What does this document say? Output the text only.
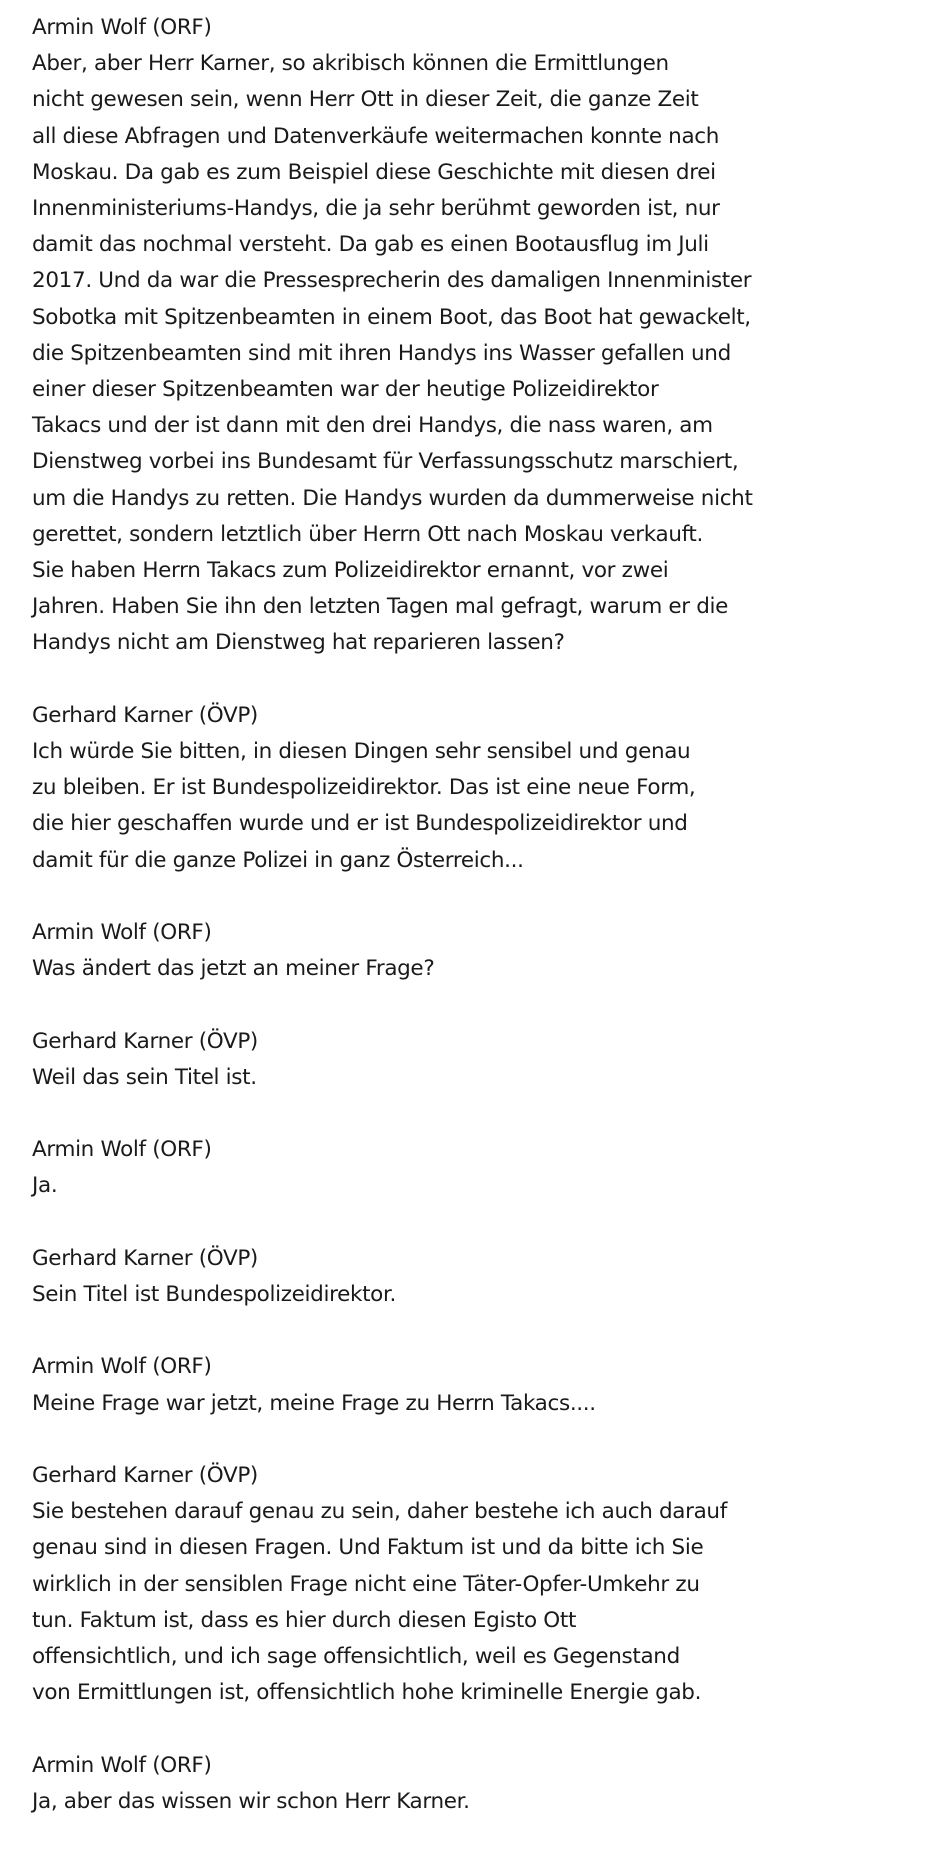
Armin Wolf (ORF)
Aber, aber Herr Karner, so akribisch können die Ermittlungen
nicht gewesen sein, wenn Herr Ott in dieser Zeit, die ganze Zeit
all diese Abfragen und Datenverkäufe weitermachen konnte nach
Moskau. Da gab es zum Beispiel diese Geschichte mit diesen drei
Innenministeriums-Handys, die ja sehr berühmt geworden ist, nur
damit das nochmal versteht. Da gab es einen Bootausflug im Juli
2017. Und da war die Pressesprecherin des damaligen Innenminister
Sobotka mit Spitzenbeamten in einem Boot, das Boot hat gewackelt,
die Spitzenbeamten sind mit ihren Handys ins Wasser gefallen und
einer dieser Spitzenbeamten war der heutige Polizeidirektor
Takacs und der ist dann mit den drei Handys, die nass waren, am
Dienstweg vorbei ins Bundesamt für Verfassungsschutz marschiert,
um die Handys zu retten. Die Handys wurden da dummerweise nicht
gerettet, sondern letztlich über Herrn Ott nach Moskau verkauft.
Sie haben Herrn Takacs zum Polizeidirektor ernannt, vor zwei
Jahren. Haben Sie ihn den letzten Tagen mal gefragt, warum er die
Handys nicht am Dienstweg hat reparieren lassen?
Gerhard Karner (ÖVP)
Ich würde Sie bitten, in diesen Dingen sehr sensibel und genau
zu bleiben. Er ist Bundespolizeidirektor. Das ist eine neue Form,
die hier geschaffen wurde und er ist Bundespolizeidirektor und
damit für die ganze Polizei in ganz Österreich...
Armin Wolf (ORF)
Was ändert das jetzt an meiner Frage?
Gerhard Karner (ÖVP)
Weil das sein Titel ist.
Armin Wolf (ORF)
Ja.
Gerhard Karner (ÖVP)
Sein Titel ist Bundespolizeidirektor.
Armin Wolf (ORF)
Meine Frage war jetzt, meine Frage zu Herrn Takacs....
Gerhard Karner (ÖVP)
Sie bestehen darauf genau zu sein, daher bestehe ich auch darauf
genau sind in diesen Fragen. Und Faktum ist und da bitte ich Sie
wirklich in der sensiblen Frage nicht eine Täter-Opfer-Umkehr zu
tun. Faktum ist, dass es hier durch diesen Egisto Ott
offensichtlich, und ich sage offensichtlich, weil es Gegenstand
von Ermittlungen ist, offensichtlich hohe kriminelle Energie gab.
Armin Wolf (ORF)
Ja, aber das wissen wir schon Herr Karner.
